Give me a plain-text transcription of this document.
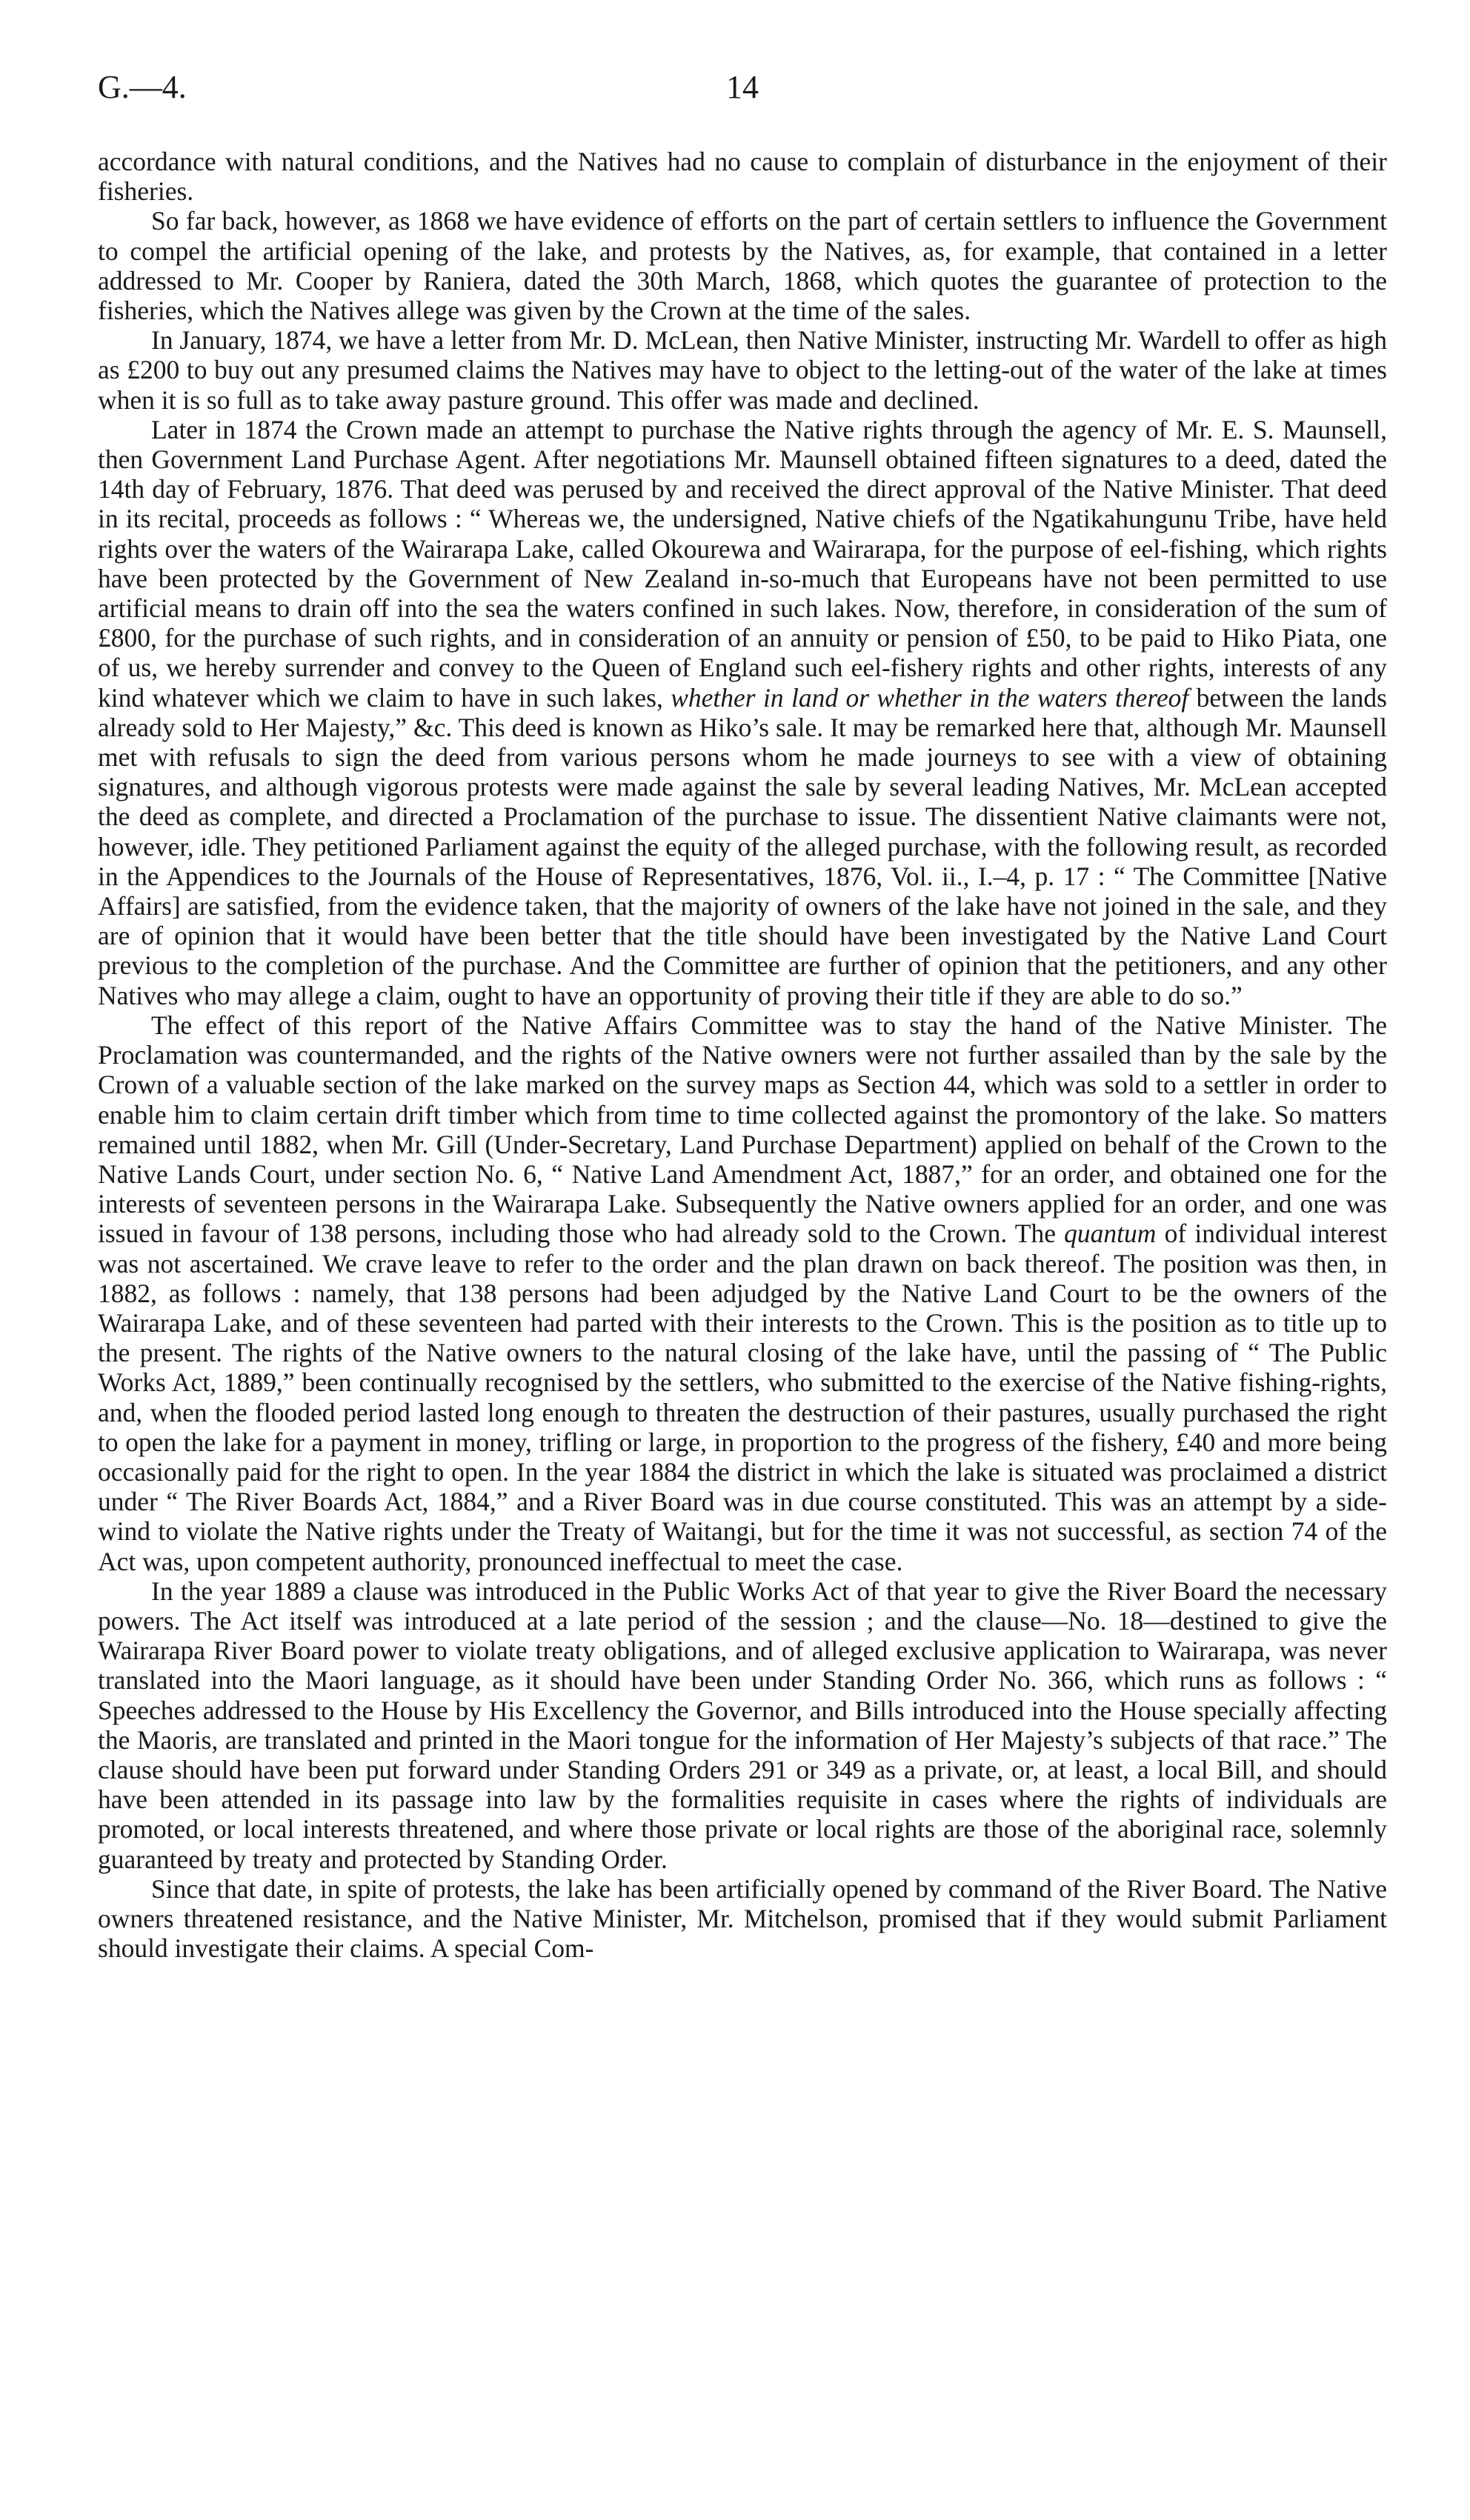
G.—4.	14

accordance with natural conditions, and the Natives had no cause to complain of disturbance in the enjoyment of their fisheries.

So far back, however, as 1868 we have evidence of efforts on the part of certain settlers to influence the Government to compel the artificial opening of the lake, and protests by the Natives, as, for example, that contained in a letter addressed to Mr. Cooper by Raniera, dated the 30th March, 1868, which quotes the guarantee of protection to the fisheries, which the Natives allege was given by the Crown at the time of the sales.

In January, 1874, we have a letter from Mr. D. McLean, then Native Minister, instructing Mr. Wardell to offer as high as £200 to buy out any presumed claims the Natives may have to object to the letting-out of the water of the lake at times when it is so full as to take away pasture ground. This offer was made and declined.

Later in 1874 the Crown made an attempt to purchase the Native rights through the agency of Mr. E. S. Maunsell, then Government Land Purchase Agent. After negotiations Mr. Maunsell obtained fifteen signatures to a deed, dated the 14th day of February, 1876. That deed was perused by and received the direct approval of the Native Minister. That deed in its recital, proceeds as follows : “ Whereas we, the undersigned, Native chiefs of the Ngatikahungunu Tribe, have held rights over the waters of the Wairarapa Lake, called Okourewa and Wairarapa, for the purpose of eel-fishing, which rights have been protected by the Government of New Zealand in-so-much that Europeans have not been permitted to use artificial means to drain off into the sea the waters confined in such lakes. Now, therefore, in consideration of the sum of £800, for the purchase of such rights, and in consideration of an annuity or pension of £50, to be paid to Hiko Piata, one of us, we hereby surrender and convey to the Queen of England such eel-fishery rights and other rights, interests of any kind whatever which we claim to have in such lakes, whether in land or whether in the waters thereof between the lands already sold to Her Majesty,” &c. This deed is known as Hiko’s sale. It may be remarked here that, although Mr. Maunsell met with refusals to sign the deed from various persons whom he made journeys to see with a view of obtaining signatures, and although vigorous protests were made against the sale by several leading Natives, Mr. McLean accepted the deed as complete, and directed a Proclamation of the purchase to issue. The dissentient Native claimants were not, however, idle. They petitioned Parliament against the equity of the alleged purchase, with the following result, as recorded in the Appendices to the Journals of the House of Representatives, 1876, Vol. ii., I.–4, p. 17 : “ The Committee [Native Affairs] are satisfied, from the evidence taken, that the majority of owners of the lake have not joined in the sale, and they are of opinion that it would have been better that the title should have been investigated by the Native Land Court previous to the completion of the purchase. And the Committee are further of opinion that the petitioners, and any other Natives who may allege a claim, ought to have an opportunity of proving their title if they are able to do so.”

The effect of this report of the Native Affairs Committee was to stay the hand of the Native Minister. The Proclamation was countermanded, and the rights of the Native owners were not further assailed than by the sale by the Crown of a valuable section of the lake marked on the survey maps as Section 44, which was sold to a settler in order to enable him to claim certain drift timber which from time to time collected against the promontory of the lake. So matters remained until 1882, when Mr. Gill (Under-Secretary, Land Purchase Department) applied on behalf of the Crown to the Native Lands Court, under section No. 6, “ Native Land Amendment Act, 1887,” for an order, and obtained one for the interests of seventeen persons in the Wairarapa Lake. Subsequently the Native owners applied for an order, and one was issued in favour of 138 persons, including those who had already sold to the Crown. The quantum of individual interest was not ascertained. We crave leave to refer to the order and the plan drawn on back thereof. The position was then, in 1882, as follows : namely, that 138 persons had been adjudged by the Native Land Court to be the owners of the Wairarapa Lake, and of these seventeen had parted with their interests to the Crown. This is the position as to title up to the present. The rights of the Native owners to the natural closing of the lake have, until the passing of “ The Public Works Act, 1889,” been continually recognised by the settlers, who submitted to the exercise of the Native fishing-rights, and, when the flooded period lasted long enough to threaten the destruction of their pastures, usually purchased the right to open the lake for a payment in money, trifling or large, in proportion to the progress of the fishery, £40 and more being occasionally paid for the right to open. In the year 1884 the district in which the lake is situated was proclaimed a district under “ The River Boards Act, 1884,” and a River Board was in due course constituted. This was an attempt by a side-wind to violate the Native rights under the Treaty of Waitangi, but for the time it was not successful, as section 74 of the Act was, upon competent authority, pronounced ineffectual to meet the case.

In the year 1889 a clause was introduced in the Public Works Act of that year to give the River Board the necessary powers. The Act itself was introduced at a late period of the session ; and the clause—No. 18—destined to give the Wairarapa River Board power to violate treaty obligations, and of alleged exclusive application to Wairarapa, was never translated into the Maori language, as it should have been under Standing Order No. 366, which runs as follows : “ Speeches addressed to the House by His Excellency the Governor, and Bills introduced into the House specially affecting the Maoris, are translated and printed in the Maori tongue for the information of Her Majesty’s subjects of that race.” The clause should have been put forward under Standing Orders 291 or 349 as a private, or, at least, a local Bill, and should have been attended in its passage into law by the formalities requisite in cases where the rights of individuals are promoted, or local interests threatened, and where those private or local rights are those of the aboriginal race, solemnly guaranteed by treaty and protected by Standing Order.

Since that date, in spite of protests, the lake has been artificially opened by command of the River Board. The Native owners threatened resistance, and the Native Minister, Mr. Mitchelson, promised that if they would submit Parliament should investigate their claims. A special Com-
